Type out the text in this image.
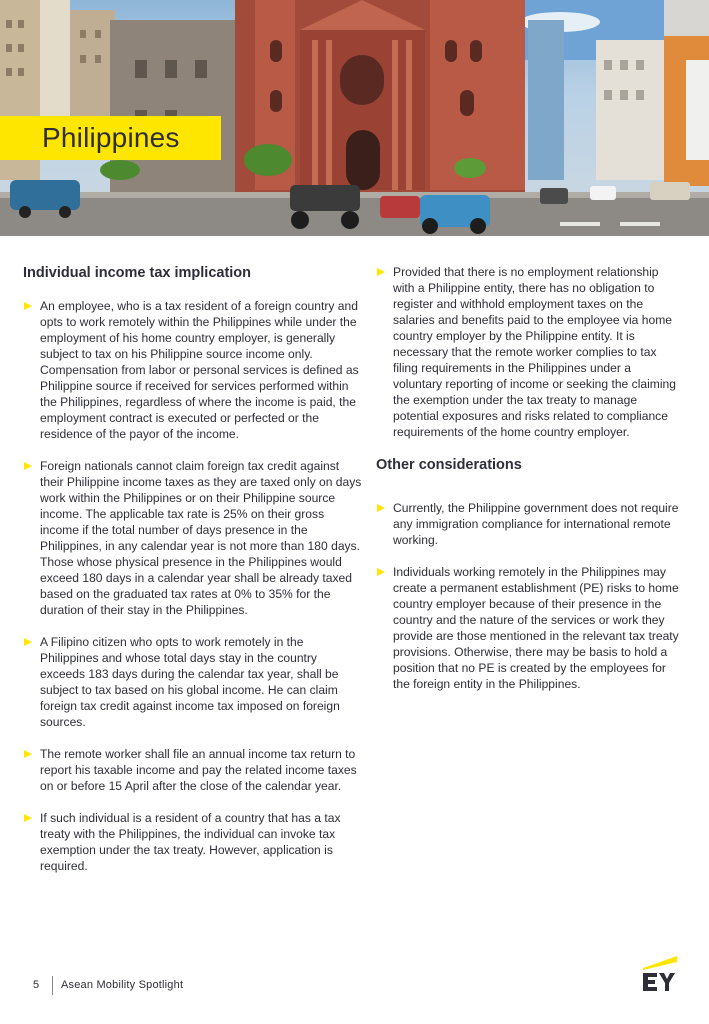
Philippines
Individual income tax implication
An employee, who is a tax resident of a foreign country and opts to work remotely within the Philippines while under the employment of his home country employer, is generally subject to tax on his Philippine source income only. Compensation from labor or personal services is defined as Philippine source if received for services performed within the Philippines, regardless of where the income is paid, the employment contract is executed or perfected or the residence of the payor of the income.
Foreign nationals cannot claim foreign tax credit against their Philippine income taxes as they are taxed only on days work within the Philippines or on their Philippine source income. The applicable tax rate is 25% on their gross income if the total number of days presence in the Philippines, in any calendar year is not more than 180 days. Those whose physical presence in the Philippines would exceed 180 days in a calendar year shall be already taxed based on the graduated tax rates at 0% to 35% for the duration of their stay in the Philippines.
A Filipino citizen who opts to work remotely in the Philippines and whose total days stay in the country exceeds 183 days during the calendar tax year, shall be subject to tax based on his global income. He can claim foreign tax credit against income tax imposed on foreign sources.
The remote worker shall file an annual income tax return to report his taxable income and pay the related income taxes on or before 15 April after the close of the calendar year.
If such individual is a resident of a country that has a tax treaty with the Philippines, the individual can invoke tax exemption under the tax treaty. However, application is required.
Provided that there is no employment relationship with a Philippine entity, there has no obligation to register and withhold employment taxes on the salaries and benefits paid to the employee via home country employer by the Philippine entity. It is necessary that the remote worker complies to tax filing requirements in the Philippines under a voluntary reporting of income or seeking the claiming the exemption under the tax treaty to manage potential exposures and risks related to compliance requirements of the home country employer.
Other considerations
Currently, the Philippine government does not require any immigration compliance for international remote working.
Individuals working remotely in the Philippines may create a permanent establishment (PE) risks to home country employer because of their presence in the country and the nature of the services or work they provide are those mentioned in the relevant tax treaty provisions. Otherwise, there may be basis to hold a position that no PE is created by the employees for the foreign entity in the Philippines.
5 Asean Mobility Spotlight
